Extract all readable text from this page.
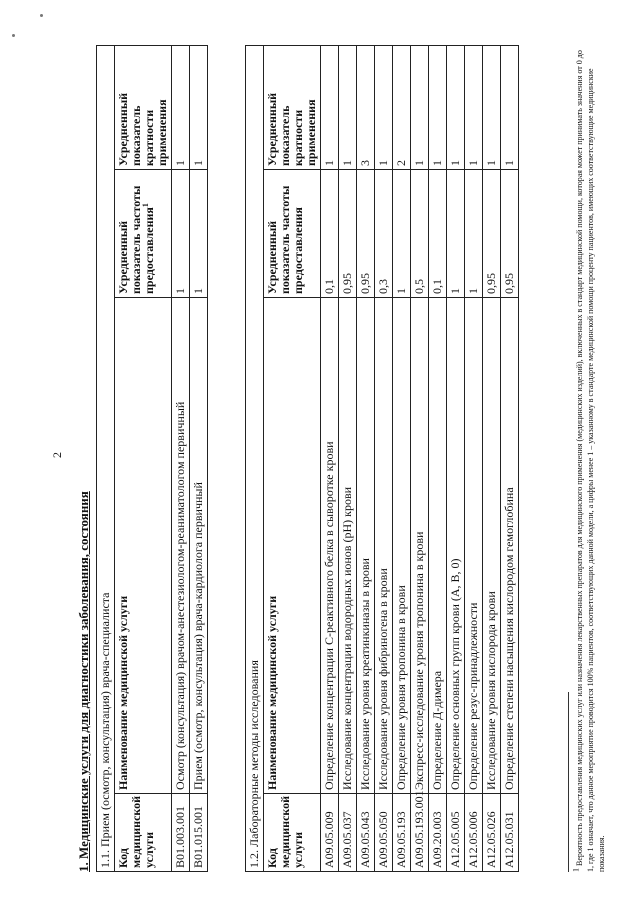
2
1. Медицинские услуги для диагностики заболевания, состояния 1.1. Прием (осмотр, консультация) врача-специалиста			
Код медицинской услуги	Наименование медицинской услуги	Усредненный показатель частоты предоставления$^1$	Усредненный показатель кратности применения
B01.003.001	Осмотр (консультация) врачом-анестезиологом-реаниматологом первичный	1	1
B01.015.001	Прием (осмотр, консультация) врача-кардиолога первичный	1	1
1.2. Лабораторные методы исследования			
Код медицинской услуги	Наименование медицинской услуги	Усредненный показатель частоты предоставления	Усредненный показатель кратности применения
A09.05.009	Определение концентрации С-реактивного белка в сыворотке крови	0,1	1
A09.05.037	Исследование концентрации водородных ионов (pH) крови	0,95	1
A09.05.043	Исследование уровня креатинкиназы в крови	0,95	3
A09.05.050	Исследование уровня фибриногена в крови	0,3	1
A09.05.193	Определение уровня тропонина в крови	1	2
A09.05.193.001	Экспресс-исследование уровня тропонина в крови	0,5	1
A09.20.003	Определение Д-димера	0,1	1
A12.05.005	Определение основных групп крови (A, B, 0)	1	1
A12.05.006	Определение резус-принадлежности	1	1
A12.05.026	Исследование уровня кислорода крови	0,95	1
A12.05.031	Определение степени насыщения кислородом гемоглобина	0,95	1
$^1$ Вероятность предоставления медицинских услуг или назначения лекарственных препаратов для медицинского применения (медицинских изделий), включенных в стандарт медицинской помощи, которая может принимать значения от 0 до 1, где 1 означает, что данное мероприятие проводится 100% пациентов, соответствующих данной модели, а цифры менее 1 – указанному в стандарте медицинской помощи проценту пациентов, имеющих соответствующие медицинские показания.
